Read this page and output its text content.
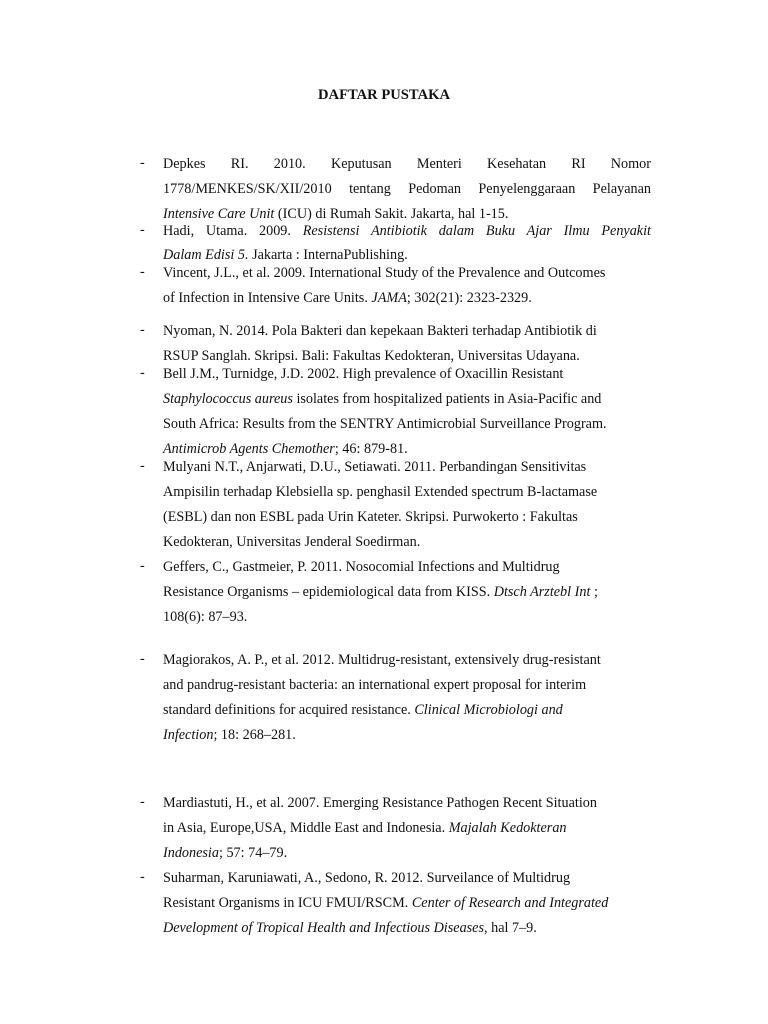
DAFTAR PUSTAKA
- Depkes RI. 2010. Keputusan Menteri Kesehatan RI Nomor
1778/MENKES/SK/XII/2010 tentang Pedoman Penyelenggaraan Pelayanan
Intensive Care Unit (ICU) di Rumah Sakit. Jakarta, hal 1-15.
- Hadi, Utama. 2009. Resistensi Antibiotik dalam Buku Ajar Ilmu Penyakit
Dalam Edisi 5. Jakarta : InternaPublishing.
- Vincent, J.L., et al. 2009. International Study of the Prevalence and Outcomes
of Infection in Intensive Care Units. JAMA; 302(21): 2323-2329.
- Nyoman, N. 2014. Pola Bakteri dan kepekaan Bakteri terhadap Antibiotik di
RSUP Sanglah. Skripsi. Bali: Fakultas Kedokteran, Universitas Udayana.
- Bell J.M., Turnidge, J.D. 2002. High prevalence of Oxacillin Resistant
Staphylococcus aureus isolates from hospitalized patients in Asia-Pacific and
South Africa: Results from the SENTRY Antimicrobial Surveillance Program.
Antimicrob Agents Chemother; 46: 879-81.
- Mulyani N.T., Anjarwati, D.U., Setiawati. 2011. Perbandingan Sensitivitas
Ampisilin terhadap Klebsiella sp. penghasil Extended spectrum B-lactamase
(ESBL) dan non ESBL pada Urin Kateter. Skripsi. Purwokerto : Fakultas
Kedokteran, Universitas Jenderal Soedirman.
- Geffers, C., Gastmeier, P. 2011. Nosocomial Infections and Multidrug
Resistance Organisms – epidemiological data from KISS. Dtsch Arztebl Int ;
108(6): 87–93.
- Magiorakos, A. P., et al. 2012. Multidrug-resistant, extensively drug-resistant
and pandrug-resistant bacteria: an international expert proposal for interim
standard definitions for acquired resistance. Clinical Microbiologi and
Infection; 18: 268–281.
- Mardiastuti, H., et al. 2007. Emerging Resistance Pathogen Recent Situation
in Asia, Europe,USA, Middle East and Indonesia. Majalah Kedokteran
Indonesia; 57: 74–79.
- Suharman, Karuniawati, A., Sedono, R. 2012. Surveilance of Multidrug
Resistant Organisms in ICU FMUI/RSCM. Center of Research and Integrated
Development of Tropical Health and Infectious Diseases, hal 7–9.
